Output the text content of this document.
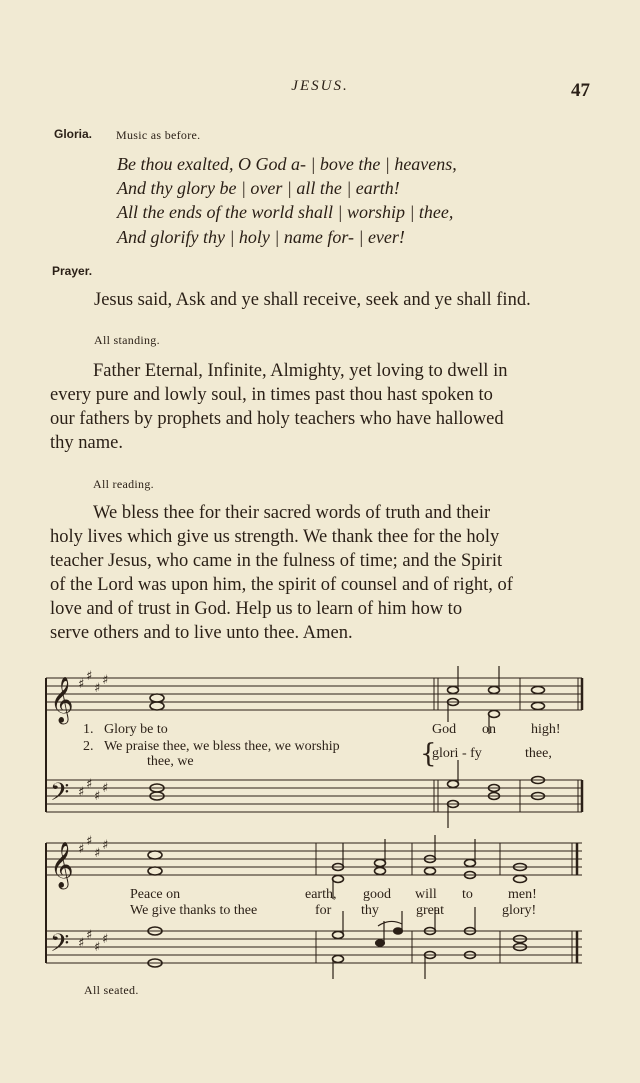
JESUS.	47
Gloria. Music as before.
Be thou exalted, O God a- | bove the | heavens,
And thy glory be | over | all the | earth!
All the ends of the world shall | worship | thee,
And glorify thy | holy | name for- | ever!
Prayer.
Jesus said, Ask and ye shall receive, seek and ye shall find.
All standing.
Father Eternal, Infinite, Almighty, yet loving to dwell in
every pure and lowly soul, in times past thou hast spoken to
our fathers by prophets and holy teachers who have hallowed
thy name.
All reading.
We bless thee for their sacred words of truth and their
holy lives which give us strength. We thank thee for the holy
teacher Jesus, who came in the fulness of time; and the Spirit
of the Lord was upon him, the spirit of counsel and of right, of
love and of trust in God. Help us to learn of him how to
serve others and to live unto thee. Amen.
𝄞
𝄢
𝄞
𝄢
♯
♯
♯
♯
♯
♯
♯
♯
♯
♯
♯
♯
♯
♯
♯
♯
{
1. Glory be to	God on	high!
2. We praise thee, we bless thee, we worship
thee, we
glori - fy	thee,
Peace on	earth, good will to	men!
We give thanks to thee	for thy	great	glory!
All seated.
